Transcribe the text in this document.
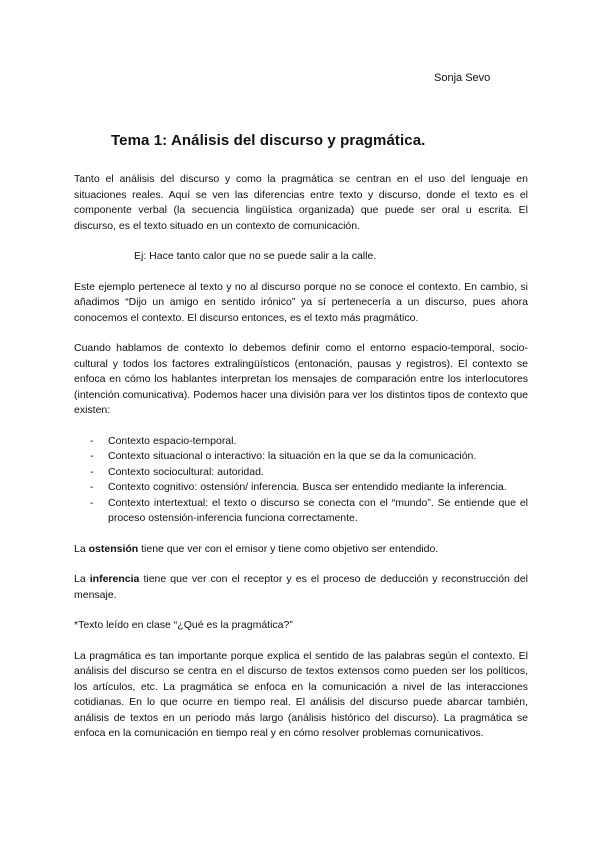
Sonja Sevo
Tema 1: Análisis del discurso y pragmática.

Tanto el análisis del discurso y como la pragmática se centran en el uso del lenguaje en situaciones reales. Aquí se ven las diferencias entre texto y discurso, donde el texto es el componente verbal (la secuencia lingüística organizada) que puede ser oral u escrita. El discurso, es el texto situado en un contexto de comunicación.

Ej: Hace tanto calor que no se puede salir a la calle.

Este ejemplo pertenece al texto y no al discurso porque no se conoce el contexto. En cambio, si añadimos “Dijo un amigo en sentido irónico” ya sí pertenecería a un discurso, pues ahora conocemos el contexto. El discurso entonces, es el texto más pragmático.

Cuando hablamos de contexto lo debemos definir como el entorno espacio-temporal, socio-cultural y todos los factores extralingüísticos (entonación, pausas y registros). El contexto se enfoca en cómo los hablantes interpretan los mensajes de comparación entre los interlocutores (intención comunicativa). Podemos hacer una división para ver los distintos tipos de contexto que existen:

- Contexto espacio-temporal.
- Contexto situacional o interactivo: la situación en la que se da la comunicación.
- Contexto sociocultural: autoridad.
- Contexto cognitivo: ostensión/ inferencia. Busca ser entendido mediante la inferencia.
- Contexto intertextual: el texto o discurso se conecta con el “mundo”. Se entiende que el proceso ostensión-inferencia funciona correctamente.

La ostensión tiene que ver con el emisor y tiene como objetivo ser entendido.

La inferencia tiene que ver con el receptor y es el proceso de deducción y reconstrucción del mensaje.

*Texto leído en clase “¿Qué es la pragmática?”

La pragmática es tan importante porque explica el sentido de las palabras según el contexto. El análisis del discurso se centra en el discurso de textos extensos como pueden ser los políticos, los artículos, etc. La pragmática se enfoca en la comunicación a nivel de las interacciones cotidianas. En lo que ocurre en tiempo real. El análisis del discurso puede abarcar también, análisis de textos en un periodo más largo (análisis histórico del discurso). La pragmática se enfoca en la comunicación en tiempo real y en cómo resolver problemas comunicativos.
